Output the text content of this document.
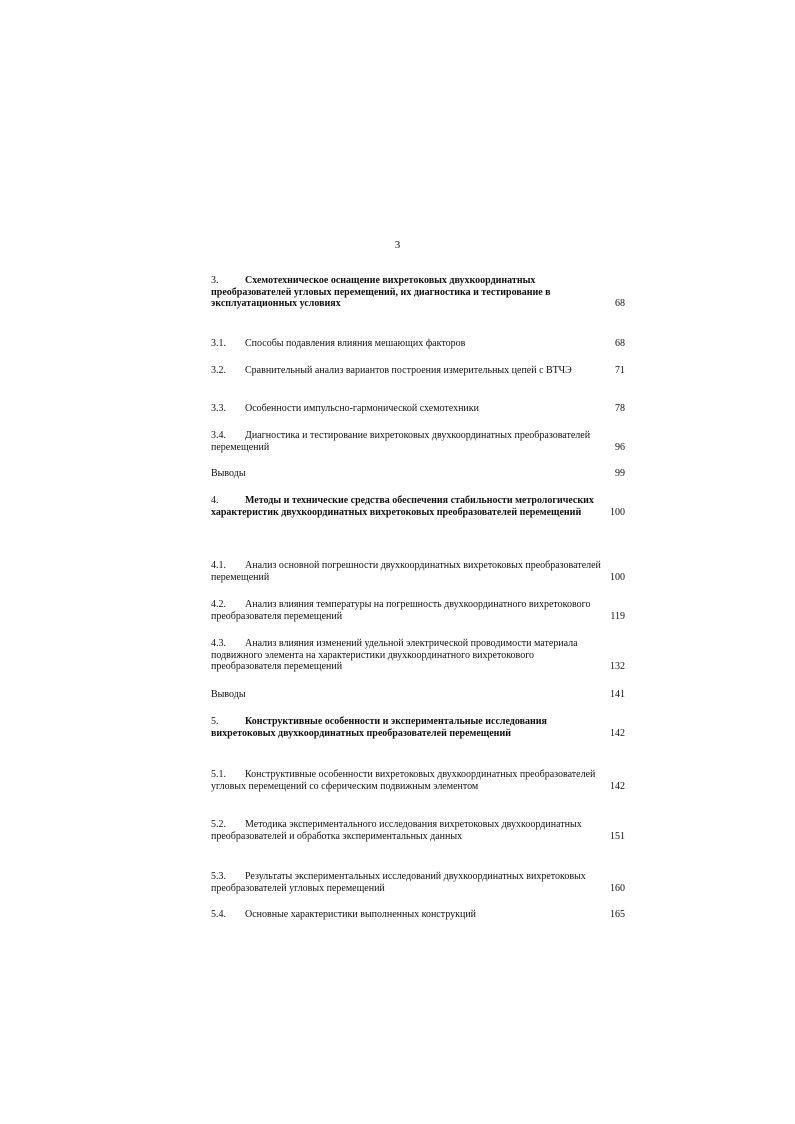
3
3.	Схемотехническое оснащение вихретоковых двухкоординатных преобразователей угловых перемещений, их диагностика и тестирование в эксплуатационных условиях	68
3.1. Способы подавления влияния мешающих факторов	68
3.2. Сравнительный анализ вариантов построения измерительных цепей с ВТЧЭ	71
3.3. Особенности импульсно-гармонической схемотехники	78
3.4. Диагностика и тестирование вихретоковых двухкоординатных преобразователей перемещений	96
Выводы	99
4.	Методы и технические средства обеспечения стабильности метрологических характеристик двухкоординатных вихретоковых преобразователей перемещений	100
4.1. Анализ основной погрешности двухкоординатных вихретоковых преобразователей перемещений	100
4.2. Анализ влияния температуры на погрешность двухкоординатного вихретокового преобразователя перемещений	119
4.3. Анализ влияния изменений удельной электрической проводимости материала подвижного элемента на характеристики двухкоординатного вихретокового преобразователя перемещений	132
Выводы	141
5.	Конструктивные особенности и экспериментальные исследования вихретоковых двухкоординатных преобразователей перемещений	142
5.1. Конструктивные особенности вихретоковых двухкоординатных преобразователей угловых перемещений со сферическим подвижным элементом	142
5.2. Методика экспериментального исследования вихретоковых двухкоординатных преобразователей и обработка экспериментальных данных	151
5.3. Результаты экспериментальных исследований двухкоординатных вихретоковых преобразователей угловых перемещений	160
5.4. Основные характеристики выполненных конструкций	165
